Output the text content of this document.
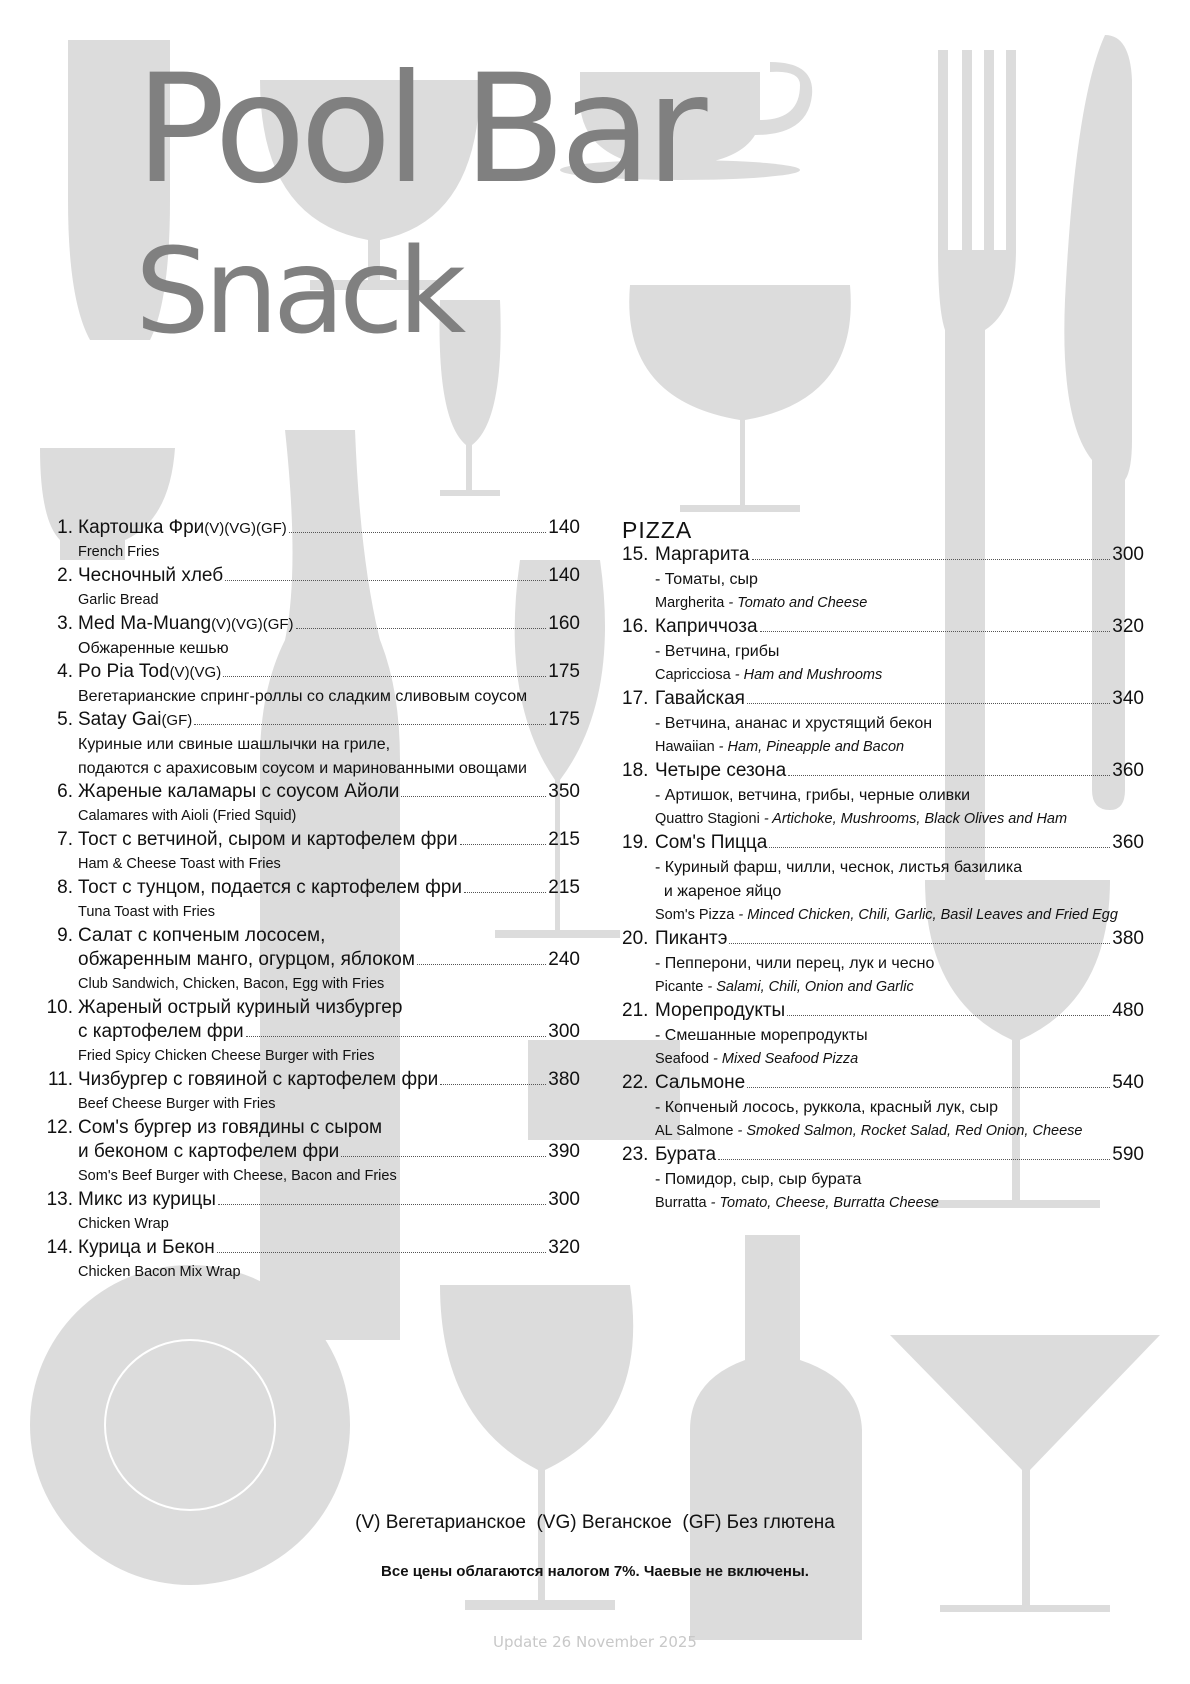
Pool Bar
Snack
1. Картошка Фри (V)(VG)(GF)	140
French Fries
2. Чесночный хлеб	140
Garlic Bread
3. Med Ma-Muang (V)(VG)(GF)	160
Обжаренные кешью
4. Po Pia Tod (V)(VG)	175
Вегетарианские спринг-роллы со сладким сливовым соусом
5. Satay Gai (GF)	175
Куриные или свиные шашлычки на гриле,
подаются с арахисовым соусом и маринованными овощами
6. Жареные каламары с соусом Айоли	350
Calamares with Aioli (Fried Squid)
7. Тост с ветчиной, сыром и картофелем фри	215
Ham & Cheese Toast with Fries
8. Тост с тунцом, подается с картофелем фри	215
Tuna Toast with Fries
9. Салат с копченым лососем,
обжаренным манго, огурцом, яблоком	240
Club Sandwich, Chicken, Bacon, Egg with Fries
10. Жареный острый куриный чизбургер
с картофелем фри	300
Fried Spicy Chicken Cheese Burger with Fries
11. Чизбургер с говяиной с картофелем фри	380
Beef Cheese Burger with Fries
12. Сом's бургер из говядины с сыром
и беконом с картофелем фри	390
Som's Beef Burger with Cheese, Bacon and Fries
13. Микс из курицы	300
Chicken Wrap
14. Курица и Бекон	320
Chicken Bacon Mix Wrap
PIZZA
15. Маргарита	300
- Томаты, сыр
Margherita - Tomato and Cheese
16. Каприччоза	320
- Ветчина, грибы
Capricciosa - Ham and Mushrooms
17. Гавайская	340
- Ветчина, ананас и хрустящий бекон
Hawaiian - Ham, Pineapple and Bacon
18. Четыре сезона	360
- Артишок, ветчина, грибы, черные оливки
Quattro Stagioni - Artichoke, Mushrooms, Black Olives and Ham
19. Сом's Пицца	360
- Куриный фарш, чилли, чеснок, листья базилика
и жареное яйцо
Som's Pizza - Minced Chicken, Chili, Garlic, Basil Leaves and Fried Egg
20. Пикантэ	380
- Пепперони, чили перец, лук и чесно
Picante - Salami, Chili, Onion and Garlic
21. Морепродукты	480
- Смешанные морепродукты
Seafood - Mixed Seafood Pizza
22. Сальмоне	540
- Копченый лосось, руккола, красный лук, сыр
AL Salmone - Smoked Salmon, Rocket Salad, Red Onion, Cheese
23. Бурата	590
- Помидор, сыр, сыр бурата
Burratta - Tomato, Cheese, Burratta Cheese

(V) Вегетарианское  (VG) Веганское  (GF) Без глютена

Все цены облагаются налогом 7%. Чаевые не включены.

Update 26 November 2025
